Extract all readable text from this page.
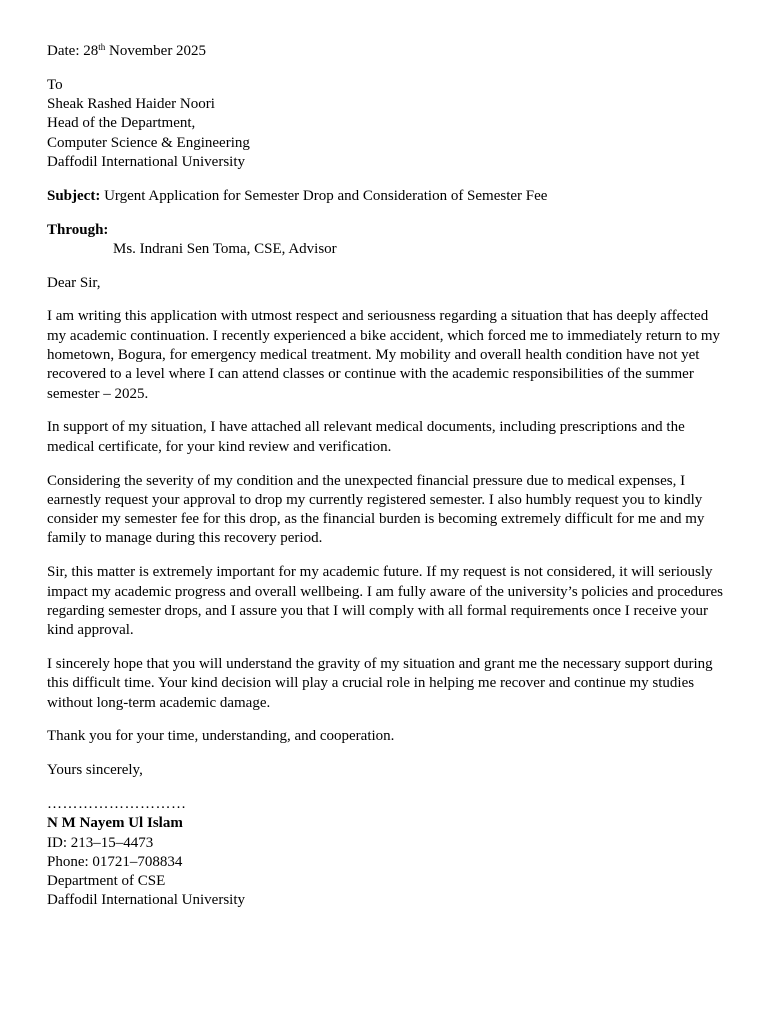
Date: 28th November 2025
To
Sheak Rashed Haider Noori
Head of the Department,
Computer Science & Engineering
Daffodil International University
Subject: Urgent Application for Semester Drop and Consideration of Semester Fee
Through:
Ms. Indrani Sen Toma, CSE, Advisor
Dear Sir,
I am writing this application with utmost respect and seriousness regarding a situation that has deeply affected my academic continuation. I recently experienced a bike accident, which forced me to immediately return to my hometown, Bogura, for emergency medical treatment. My mobility and overall health condition have not yet recovered to a level where I can attend classes or continue with the academic responsibilities of the summer semester – 2025.
In support of my situation, I have attached all relevant medical documents, including prescriptions and the medical certificate, for your kind review and verification.
Considering the severity of my condition and the unexpected financial pressure due to medical expenses, I earnestly request your approval to drop my currently registered semester. I also humbly request you to kindly consider my semester fee for this drop, as the financial burden is becoming extremely difficult for me and my family to manage during this recovery period.
Sir, this matter is extremely important for my academic future. If my request is not considered, it will seriously impact my academic progress and overall wellbeing. I am fully aware of the university’s policies and procedures regarding semester drops, and I assure you that I will comply with all formal requirements once I receive your kind approval.
I sincerely hope that you will understand the gravity of my situation and grant me the necessary support during this difficult time. Your kind decision will play a crucial role in helping me recover and continue my studies without long-term academic damage.
Thank you for your time, understanding, and cooperation.
Yours sincerely,
………………………
N M Nayem Ul Islam
ID: 213–15–4473
Phone: 01721–708834
Department of CSE
Daffodil International University
